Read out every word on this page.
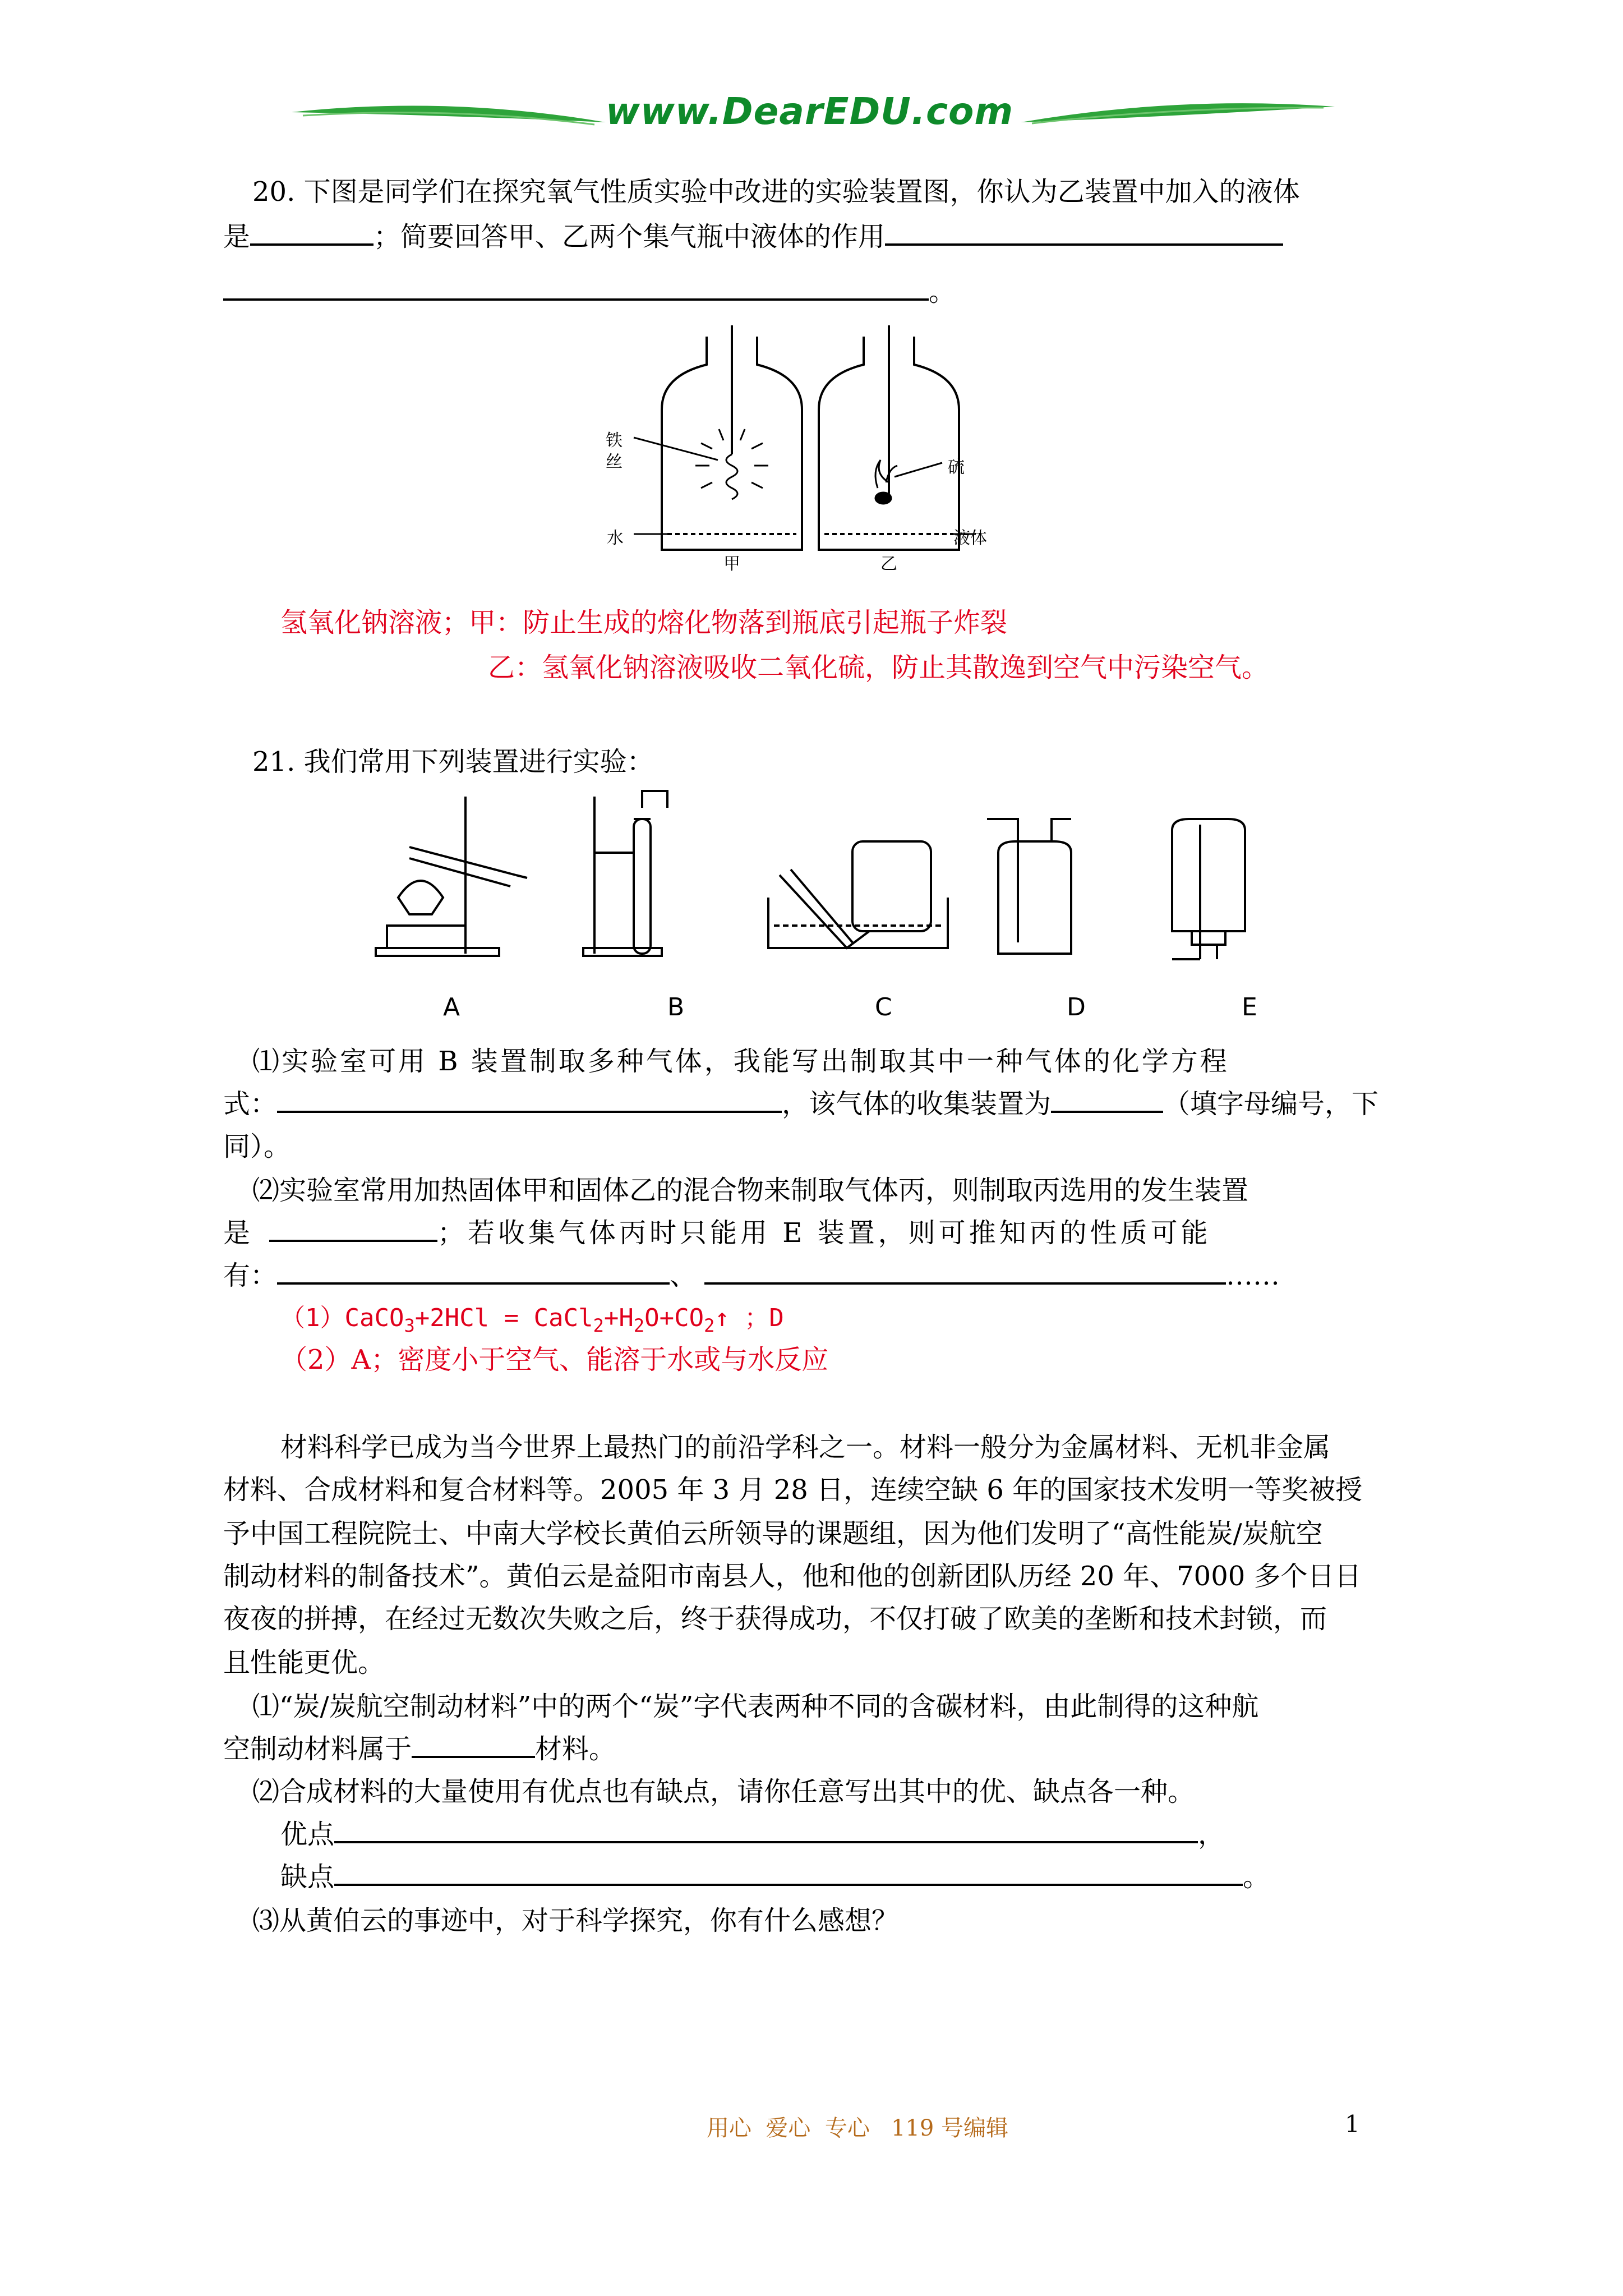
www.DearEDU.com
20. 下图是同学们在探究氧气性质实验中改进的实验装置图，你认为乙装置中加入的液体
是	；简要回答甲、乙两个集气瓶中液体的作用
。
铁
丝
水
甲	乙
硫
液体
氢氧化钠溶液；甲：防止生成的熔化物落到瓶底引起瓶子炸裂
乙：氢氧化钠溶液吸收二氧化硫，防止其散逸到空气中污染空气。
21. 我们常用下列装置进行实验：
A	B	C	D	E
⑴实验室可用 B 装置制取多种气体，我能写出制取其中一种气体的化学方程
式：	，该气体的收集装置为	（填字母编号，下
同）。
⑵实验室常用加热固体甲和固体乙的混合物来制取气体丙，则制取丙选用的发生装置
是	；若收集气体丙时只能用 E 装置，则可推知丙的性质可能
有：	、	……
（1）CaCO$_3$+2HCl = $CaCl_2+H_2O+CO_2↑$ ；D
（2）A；密度小于空气、能溶于水或与水反应
材料科学已成为当今世界上最热门的前沿学科之一。材料一般分为金属材料、无机非金属
材料、合成材料和复合材料等。2005 年 3 月 28 日，连续空缺 6 年的国家技术发明一等奖被授
予中国工程院院士、中南大学校长黄伯云所领导的课题组，因为他们发明了“高性能炭/炭航空
制动材料的制备技术”。黄伯云是益阳市南县人，他和他的创新团队历经 20 年、7000 多个日日
夜夜的拼搏，在经过无数次失败之后，终于获得成功，不仅打破了欧美的垄断和技术封锁，而
且性能更优。
⑴“炭/炭航空制动材料”中的两个“炭”字代表两种不同的含碳材料，由此制得的这种航
空制动材料属于	材料。
⑵合成材料的大量使用有优点也有缺点，请你任意写出其中的优、缺点各一种。
优点	，
缺点	。
⑶从黄伯云的事迹中，对于科学探究，你有什么感想？
用心  爱心  专心   119 号编辑	1
